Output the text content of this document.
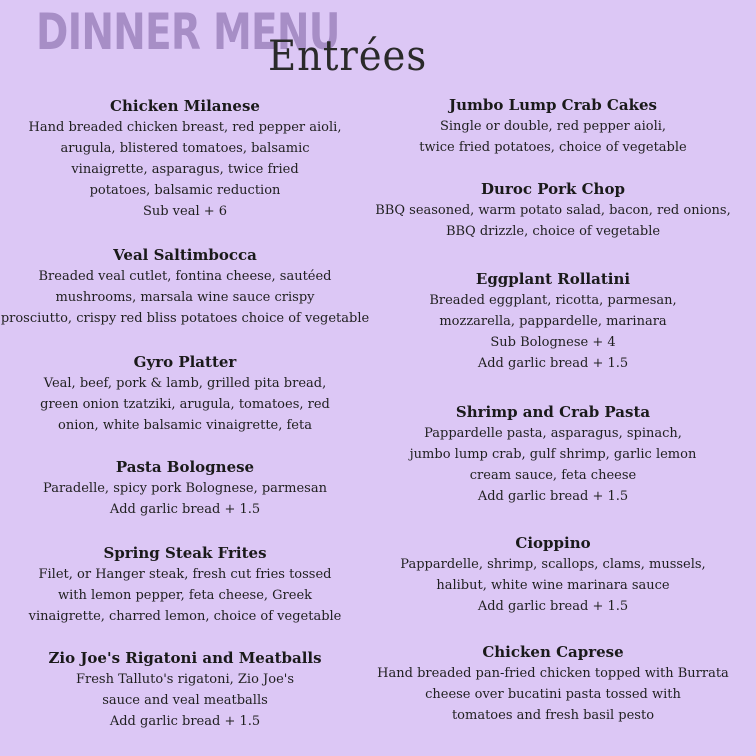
DINNER MENU
Entrées
Chicken Milanese
Hand breaded chicken breast, red pepper aioli,
arugula, blistered tomatoes, balsamic
vinaigrette, asparagus, twice fried
potatoes, balsamic reduction
Sub veal + 6
Veal Saltimbocca
Breaded veal cutlet, fontina cheese, sautéed
mushrooms, marsala wine sauce crispy
prosciutto, crispy red bliss potatoes choice of vegetable
Gyro Platter
Veal, beef, pork & lamb, grilled pita bread,
green onion tzatziki, arugula, tomatoes, red
onion, white balsamic vinaigrette, feta
Pasta Bolognese
Paradelle, spicy pork Bolognese, parmesan
Add garlic bread + 1.5
Spring Steak Frites
Filet, or Hanger steak, fresh cut fries tossed
with lemon pepper, feta cheese, Greek
vinaigrette, charred lemon, choice of vegetable
Zio Joe's Rigatoni and Meatballs
Fresh Talluto's rigatoni, Zio Joe's
sauce and veal meatballs
Add garlic bread + 1.5
Jumbo Lump Crab Cakes
Single or double, red pepper aioli,
twice fried potatoes, choice of vegetable
Duroc Pork Chop
BBQ seasoned, warm potato salad, bacon, red onions,
BBQ drizzle, choice of vegetable
Eggplant Rollatini
Breaded eggplant, ricotta, parmesan,
mozzarella, pappardelle, marinara
Sub Bolognese + 4
Add garlic bread + 1.5
Shrimp and Crab Pasta
Pappardelle pasta, asparagus, spinach,
jumbo lump crab, gulf shrimp, garlic lemon
cream sauce, feta cheese
Add garlic bread + 1.5
Cioppino
Pappardelle, shrimp, scallops, clams, mussels,
halibut, white wine marinara sauce
Add garlic bread + 1.5
Chicken Caprese
Hand breaded pan-fried chicken topped with Burrata
cheese over bucatini pasta tossed with
tomatoes and fresh basil pesto
